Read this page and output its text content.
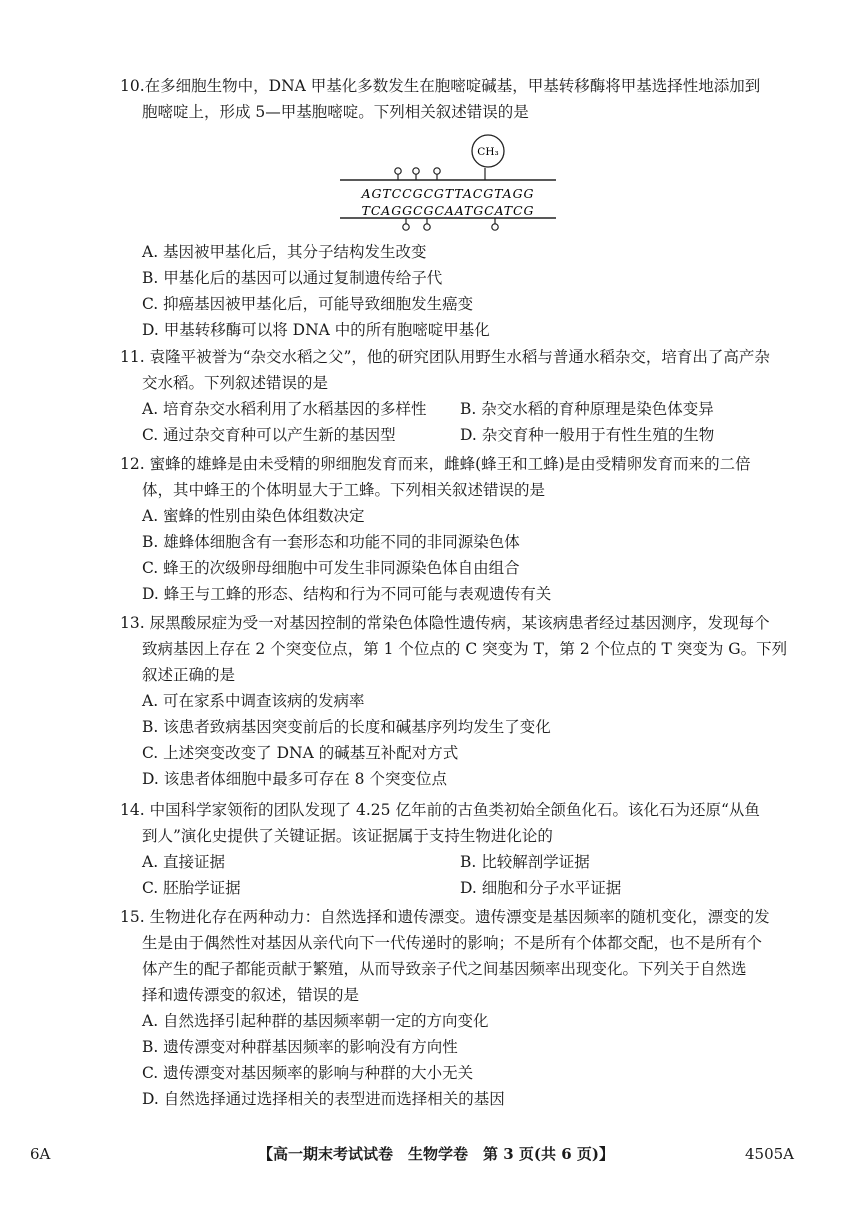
10.在多细胞生物中，DNA 甲基化多数发生在胞嘧啶碱基，甲基转移酶将甲基选择性地添加到
胞嘧啶上，形成 5—甲基胞嘧啶。下列相关叙述错误的是
CH₃
AGTCCGCGTTACGTAGG
TCAGGCGCAATGCATCG
A. 基因被甲基化后，其分子结构发生改变
B. 甲基化后的基因可以通过复制遗传给子代
C. 抑癌基因被甲基化后，可能导致细胞发生癌变
D. 甲基转移酶可以将 DNA 中的所有胞嘧啶甲基化
11. 袁隆平被誉为“杂交水稻之父”，他的研究团队用野生水稻与普通水稻杂交，培育出了高产杂
交水稻。下列叙述错误的是
A. 培育杂交水稻利用了水稻基因的多样性	B. 杂交水稻的育种原理是染色体变异
C. 通过杂交育种可以产生新的基因型	D. 杂交育种一般用于有性生殖的生物
12. 蜜蜂的雄蜂是由未受精的卵细胞发育而来，雌蜂(蜂王和工蜂)是由受精卵发育而来的二倍
体，其中蜂王的个体明显大于工蜂。下列相关叙述错误的是
A. 蜜蜂的性别由染色体组数决定
B. 雄蜂体细胞含有一套形态和功能不同的非同源染色体
C. 蜂王的次级卵母细胞中可发生非同源染色体自由组合
D. 蜂王与工蜂的形态、结构和行为不同可能与表观遗传有关
13. 尿黑酸尿症为受一对基因控制的常染色体隐性遗传病，某该病患者经过基因测序，发现每个
致病基因上存在 2 个突变位点，第 1 个位点的 C 突变为 T，第 2 个位点的 T 突变为 G。下列
叙述正确的是
A. 可在家系中调查该病的发病率
B. 该患者致病基因突变前后的长度和碱基序列均发生了变化
C. 上述突变改变了 DNA 的碱基互补配对方式
D. 该患者体细胞中最多可存在 8 个突变位点
14. 中国科学家领衔的团队发现了 4.25 亿年前的古鱼类初始全颌鱼化石。该化石为还原“从鱼
到人”演化史提供了关键证据。该证据属于支持生物进化论的
A. 直接证据	B. 比较解剖学证据
C. 胚胎学证据	D. 细胞和分子水平证据
15. 生物进化存在两种动力：自然选择和遗传漂变。遗传漂变是基因频率的随机变化，漂变的发
生是由于偶然性对基因从亲代向下一代传递时的影响；不是所有个体都交配，也不是所有个
体产生的配子都能贡献于繁殖，从而导致亲子代之间基因频率出现变化。下列关于自然选
择和遗传漂变的叙述，错误的是
A. 自然选择引起种群的基因频率朝一定的方向变化
B. 遗传漂变对种群基因频率的影响没有方向性
C. 遗传漂变对基因频率的影响与种群的大小无关
D. 自然选择通过选择相关的表型进而选择相关的基因
6A	【高一期末考试试卷　生物学卷　第 3 页(共 6 页)】	4505A
